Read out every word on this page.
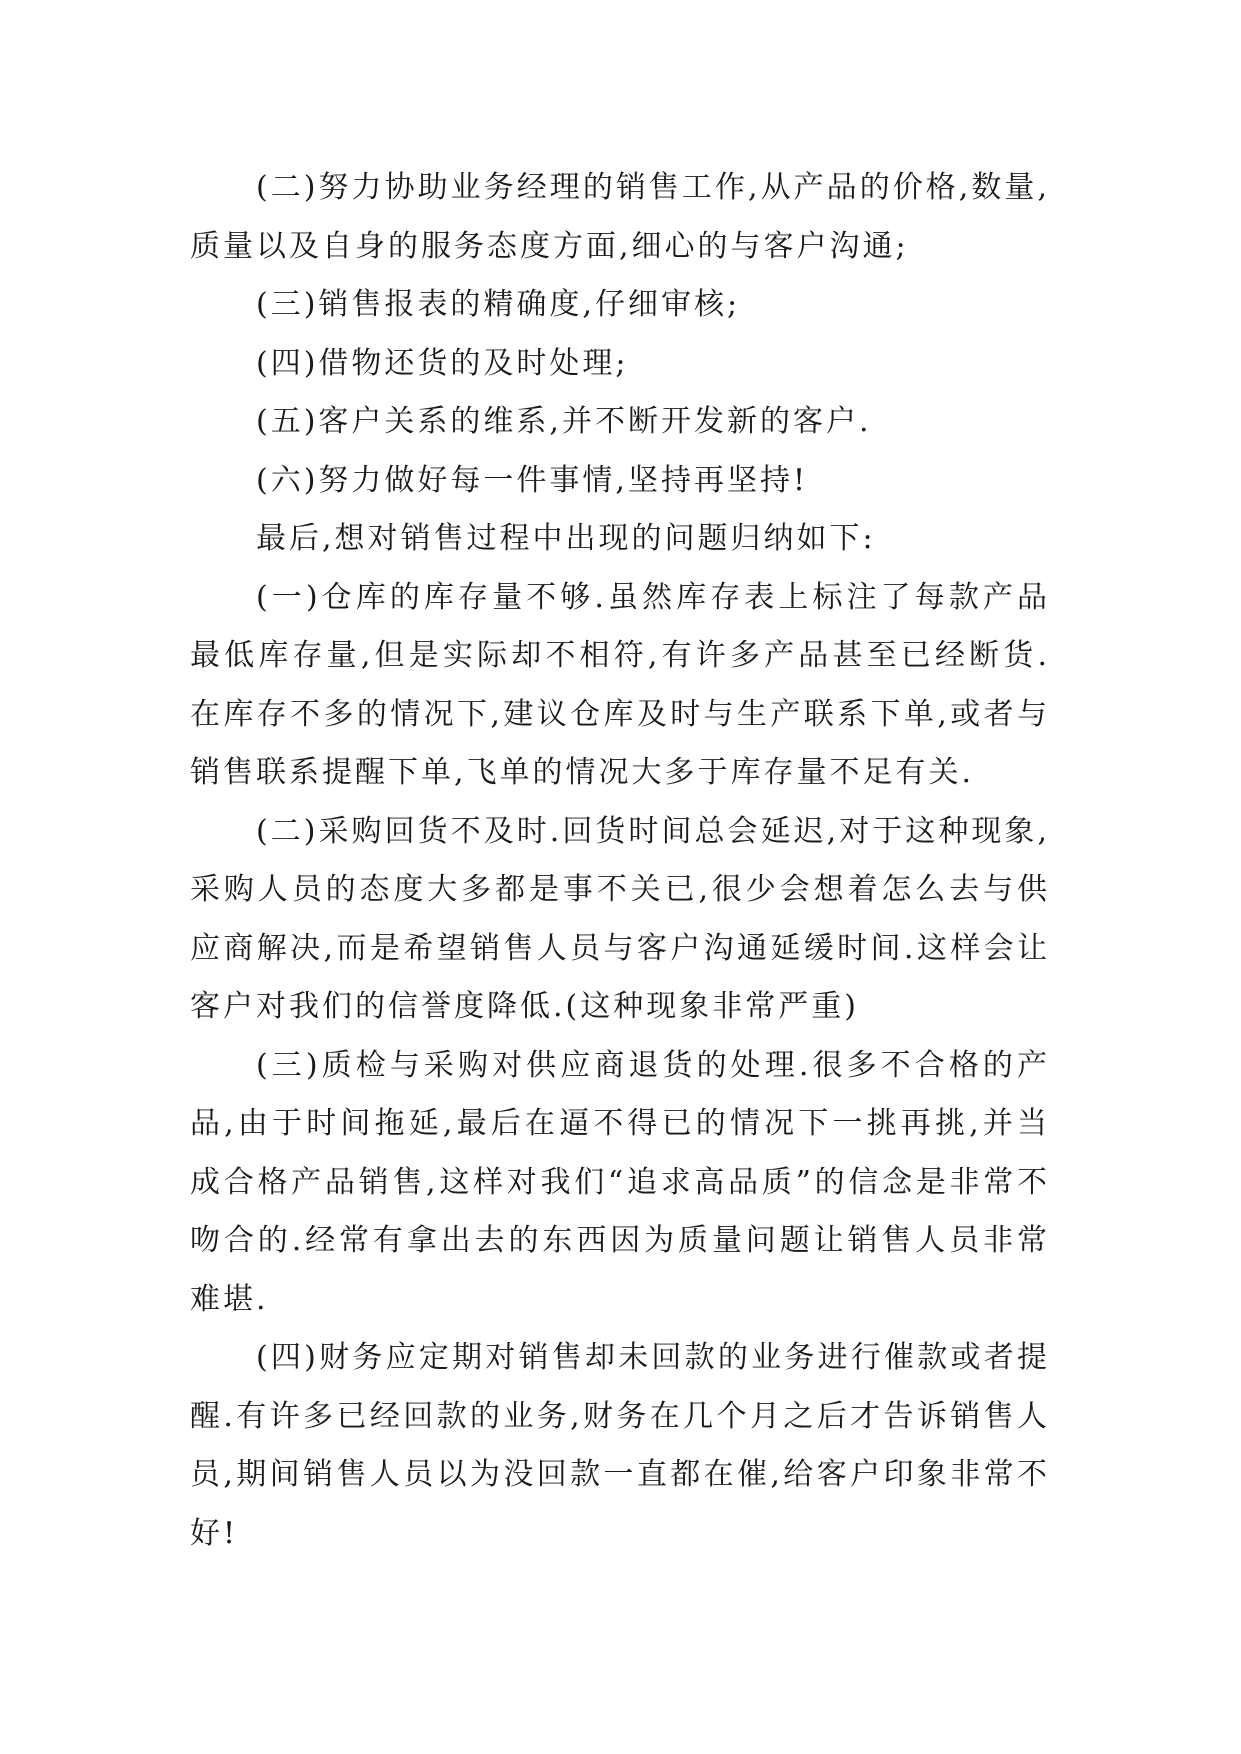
(二)努力协助业务经理的销售工作,从产品的价格,数量,质量以及自身的服务态度方面,细心的与客户沟通;

(三)销售报表的精确度,仔细审核;

(四)借物还货的及时处理;

(五)客户关系的维系,并不断开发新的客户.

(六)努力做好每一件事情,坚持再坚持!

最后,想对销售过程中出现的问题归纳如下:

(一)仓库的库存量不够.虽然库存表上标注了每款产品最低库存量,但是实际却不相符,有许多产品甚至已经断货.在库存不多的情况下,建议仓库及时与生产联系下单,或者与销售联系提醒下单,飞单的情况大多于库存量不足有关.

(二)采购回货不及时.回货时间总会延迟,对于这种现象,采购人员的态度大多都是事不关已,很少会想着怎么去与供应商解决,而是希望销售人员与客户沟通延缓时间.这样会让客户对我们的信誉度降低.(这种现象非常严重)

(三)质检与采购对供应商退货的处理.很多不合格的产品,由于时间拖延,最后在逼不得已的情况下一挑再挑,并当成合格产品销售,这样对我们“追求高品质”的信念是非常不吻合的.经常有拿出去的东西因为质量问题让销售人员非常难堪.

(四)财务应定期对销售却未回款的业务进行催款或者提醒.有许多已经回款的业务,财务在几个月之后才告诉销售人员,期间销售人员以为没回款一直都在催,给客户印象非常不好!
